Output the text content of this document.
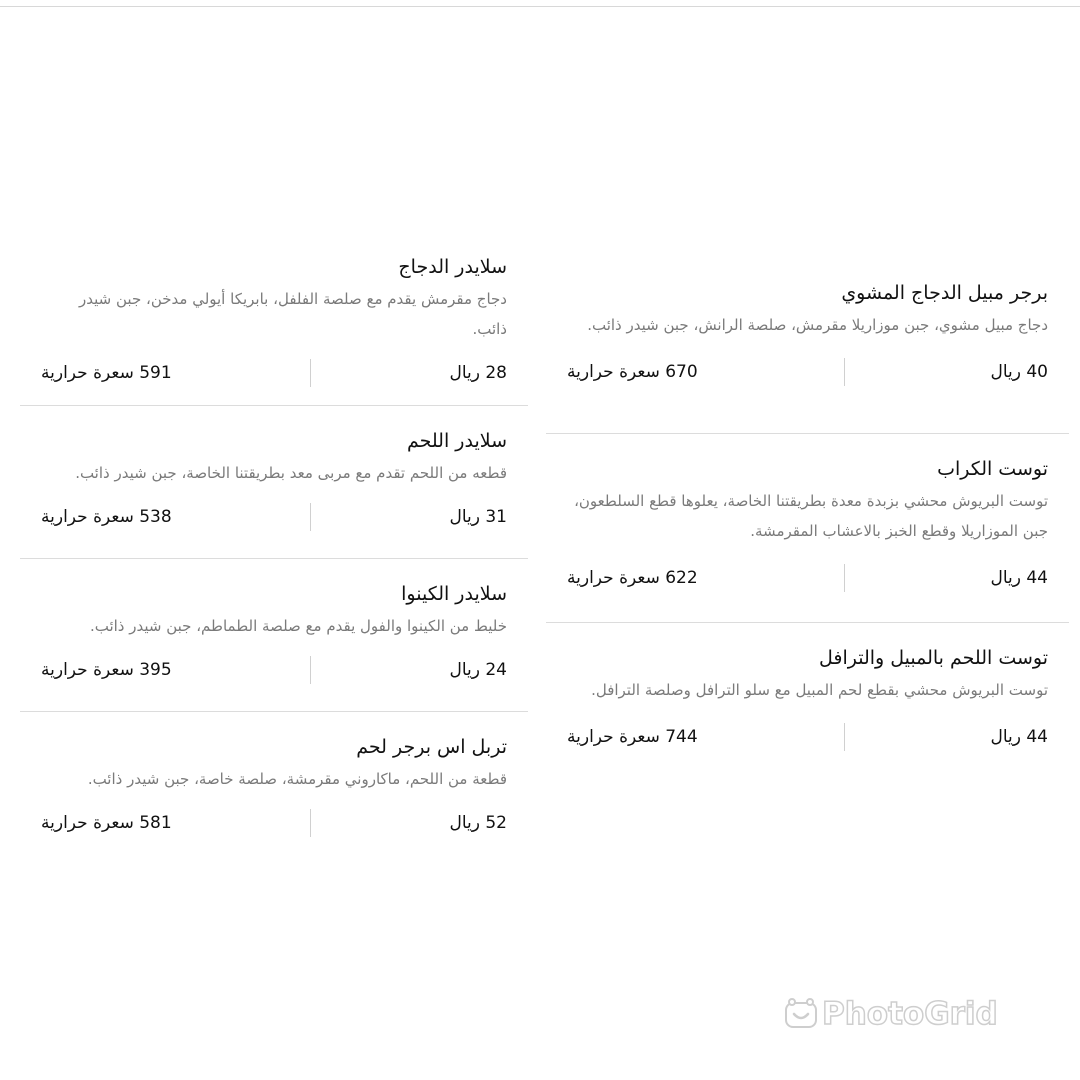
سلايدر الدجاج

دجاج مقرمش يقدم مع صلصة الفلفل، بابريكا أيولي مدخن، جبن شيدر ذائب.

28 ريال
591 سعرة حرارية
سلايدر اللحم

قطعه من اللحم تقدم مع مربى معد بطريقتنا الخاصة، جبن شيدر ذائب.

31 ريال
538 سعرة حرارية
سلايدر الكينوا

خليط من الكينوا والفول يقدم مع صلصة الطماطم، جبن شيدر ذائب.

24 ريال
395 سعرة حرارية
تربل اس برجر لحم

قطعة من اللحم، ماكاروني مقرمشة، صلصة خاصة، جبن شيدر ذائب.

52 ريال
581 سعرة حرارية
برجر مبيل الدجاج المشوي

دجاج مبيل مشوي، جبن موزاريلا مقرمش، صلصة الرانش، جبن شيدر ذائب.

40 ريال
670 سعرة حرارية
توست الكراب

توست البريوش محشي بزبدة معدة بطريقتنا الخاصة، يعلوها قطع السلطعون، جبن الموزاريلا وقطع الخبز بالاعشاب المقرمشة.

44 ريال
622 سعرة حرارية
توست اللحم بالمبيل والترافل

توست البريوش محشي بقطع لحم المبيل مع سلو الترافل وصلصة الترافل.

44 ريال
744 سعرة حرارية
PhotoGrid
